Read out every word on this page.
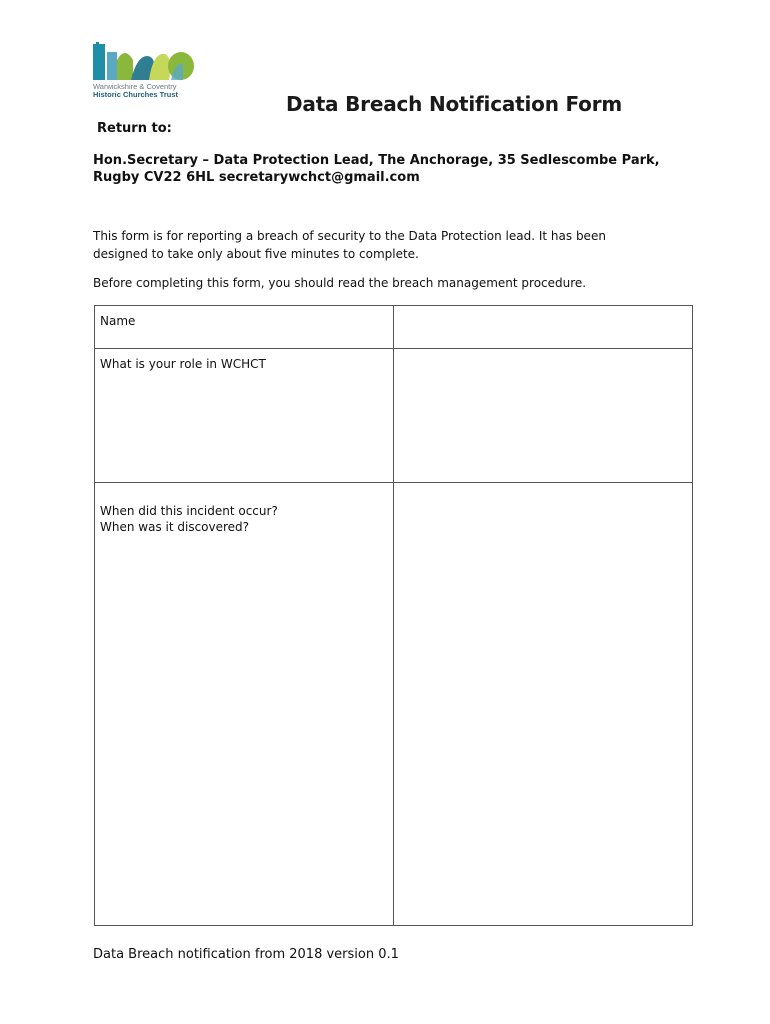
Warwickshire & Coventry
Historic Churches Trust	Data Breach Notification Form
Return to:
Hon.Secretary – Data Protection Lead, The Anchorage, 35 Sedlescombe Park,
Rugby CV22 6HL secretarywchct@gmail.com
This form is for reporting a breach of security to the Data Protection lead. It has been
designed to take only about five minutes to complete.
Before completing this form, you should read the breach management procedure.
Name	
What is your role in WCHCT	

When did this incident occur?
When was it discovered?	

Data Breach notification from 2018 version 0.1
